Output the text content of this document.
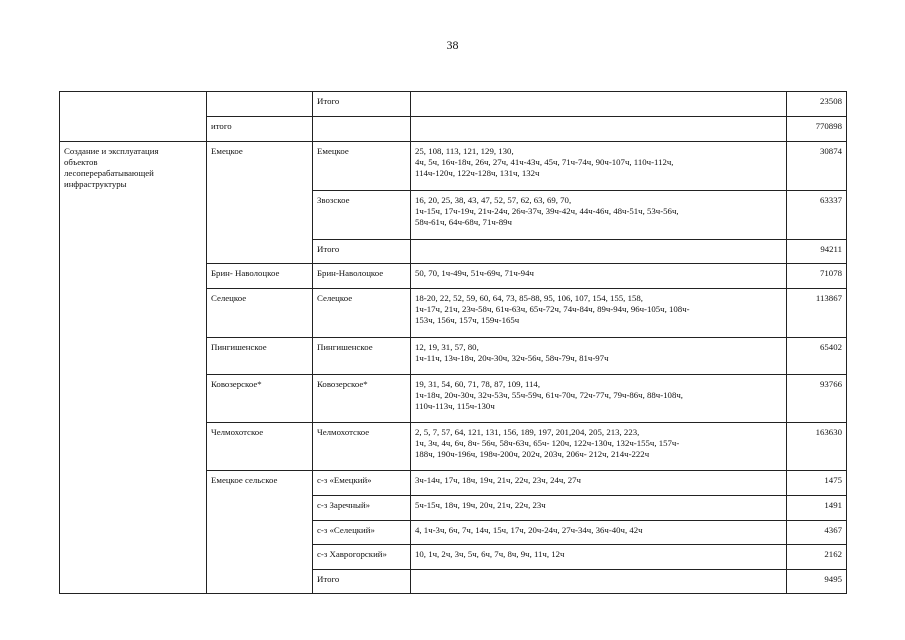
38
		Итого		23508
	итого			770898

Создание и эксплуатация
объектов
лесоперерабатывающей
инфраструктуры	Емецкое	Емецкое	25, 108, 113, 121, 129, 130,
4ч, 5ч, 16ч-18ч, 26ч, 27ч, 41ч-43ч, 45ч, 71ч-74ч, 90ч-107ч, 110ч-112ч,
114ч-120ч, 122ч-128ч, 131ч, 132ч	30874
		Звозское	16, 20, 25, 38, 43, 47, 52, 57, 62, 63, 69, 70,
1ч-15ч, 17ч-19ч, 21ч-24ч, 26ч-37ч, 39ч-42ч, 44ч-46ч, 48ч-51ч, 53ч-56ч,
58ч-61ч, 64ч-68ч, 71ч-89ч	63337
		Итого		94211
	Брин- Наволоцкое	Брин-Наволоцкое	50, 70, 1ч-49ч, 51ч-69ч, 71ч-94ч	71078
	Селецкое	Селецкое	18-20, 22, 52, 59, 60, 64, 73, 85-88, 95, 106, 107, 154, 155, 158,
1ч-17ч, 21ч, 23ч-58ч, 61ч-63ч, 65ч-72ч, 74ч-84ч, 89ч-94ч, 96ч-105ч, 108ч-
153ч, 156ч, 157ч, 159ч-165ч	113867
	Пингишенское	Пингишенское	12, 19, 31, 57, 80,
1ч-11ч, 13ч-18ч, 20ч-30ч, 32ч-56ч, 58ч-79ч, 81ч-97ч	65402
	Ковозерское*	Ковозерское*	19, 31, 54, 60, 71, 78, 87, 109, 114,
1ч-18ч, 20ч-30ч, 32ч-53ч, 55ч-59ч, 61ч-70ч, 72ч-77ч, 79ч-86ч, 88ч-108ч,
110ч-113ч, 115ч-130ч	93766
	Челмохотское	Челмохотское	2, 5, 7, 57, 64, 121, 131, 156, 189, 197, 201,204, 205, 213, 223,
1ч, 3ч, 4ч, 6ч, 8ч- 56ч, 58ч-63ч, 65ч- 120ч, 122ч-130ч, 132ч-155ч, 157ч-
188ч, 190ч-196ч, 198ч-200ч, 202ч, 203ч, 206ч- 212ч, 214ч-222ч	163630
	Емецкое сельское	с-з «Емецкий»	3ч-14ч, 17ч, 18ч, 19ч, 21ч, 22ч, 23ч, 24ч, 27ч	1475
		с-з Заречный»	5ч-15ч, 18ч, 19ч, 20ч, 21ч, 22ч, 23ч	1491
		с-з «Селецкий»	4, 1ч-3ч, 6ч, 7ч, 14ч, 15ч, 17ч, 20ч-24ч, 27ч-34ч, 36ч-40ч, 42ч	4367
		с-з Хаврогорский»	10, 1ч, 2ч, 3ч, 5ч, 6ч, 7ч, 8ч, 9ч, 11ч, 12ч	2162
		Итого		9495
